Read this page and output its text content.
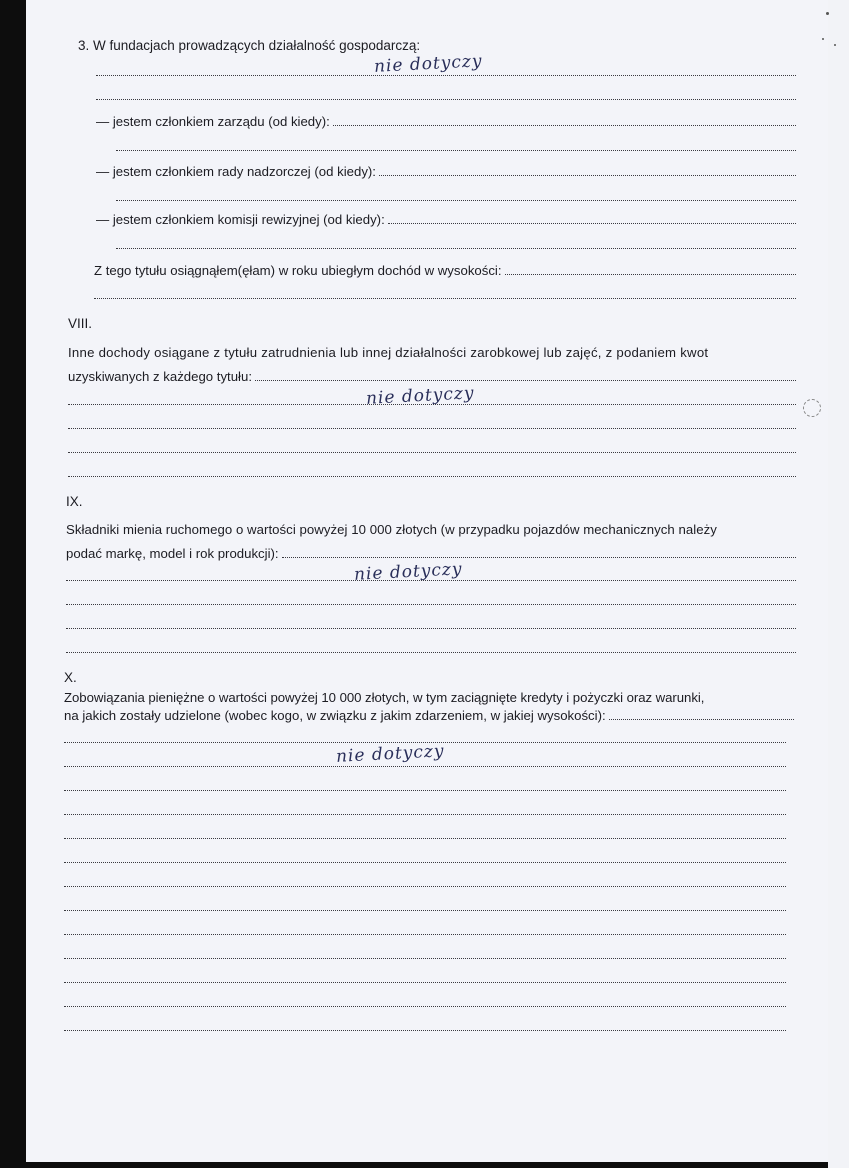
3. W fundacjach prowadzących działalność gospodarczą:
nie dotyczy
— jestem członkiem zarządu (od kiedy):
— jestem członkiem rady nadzorczej (od kiedy):
— jestem członkiem komisji rewizyjnej (od kiedy):
Z tego tytułu osiągnąłem(ęłam) w roku ubiegłym dochód w wysokości:
VIII.
Inne dochody osiągane z tytułu zatrudnienia lub innej działalności zarobkowej lub zajęć, z podaniem kwot
uzyskiwanych z każdego tytułu:
nie dotyczy
IX.
Składniki mienia ruchomego o wartości powyżej 10 000 złotych (w przypadku pojazdów mechanicznych należy
podać markę, model i rok produkcji):
nie dotyczy
X.
Zobowiązania pieniężne o wartości powyżej 10 000 złotych, w tym zaciągnięte kredyty i pożyczki oraz warunki,
na jakich zostały udzielone (wobec kogo, w związku z jakim zdarzeniem, w jakiej wysokości):
nie dotyczy
